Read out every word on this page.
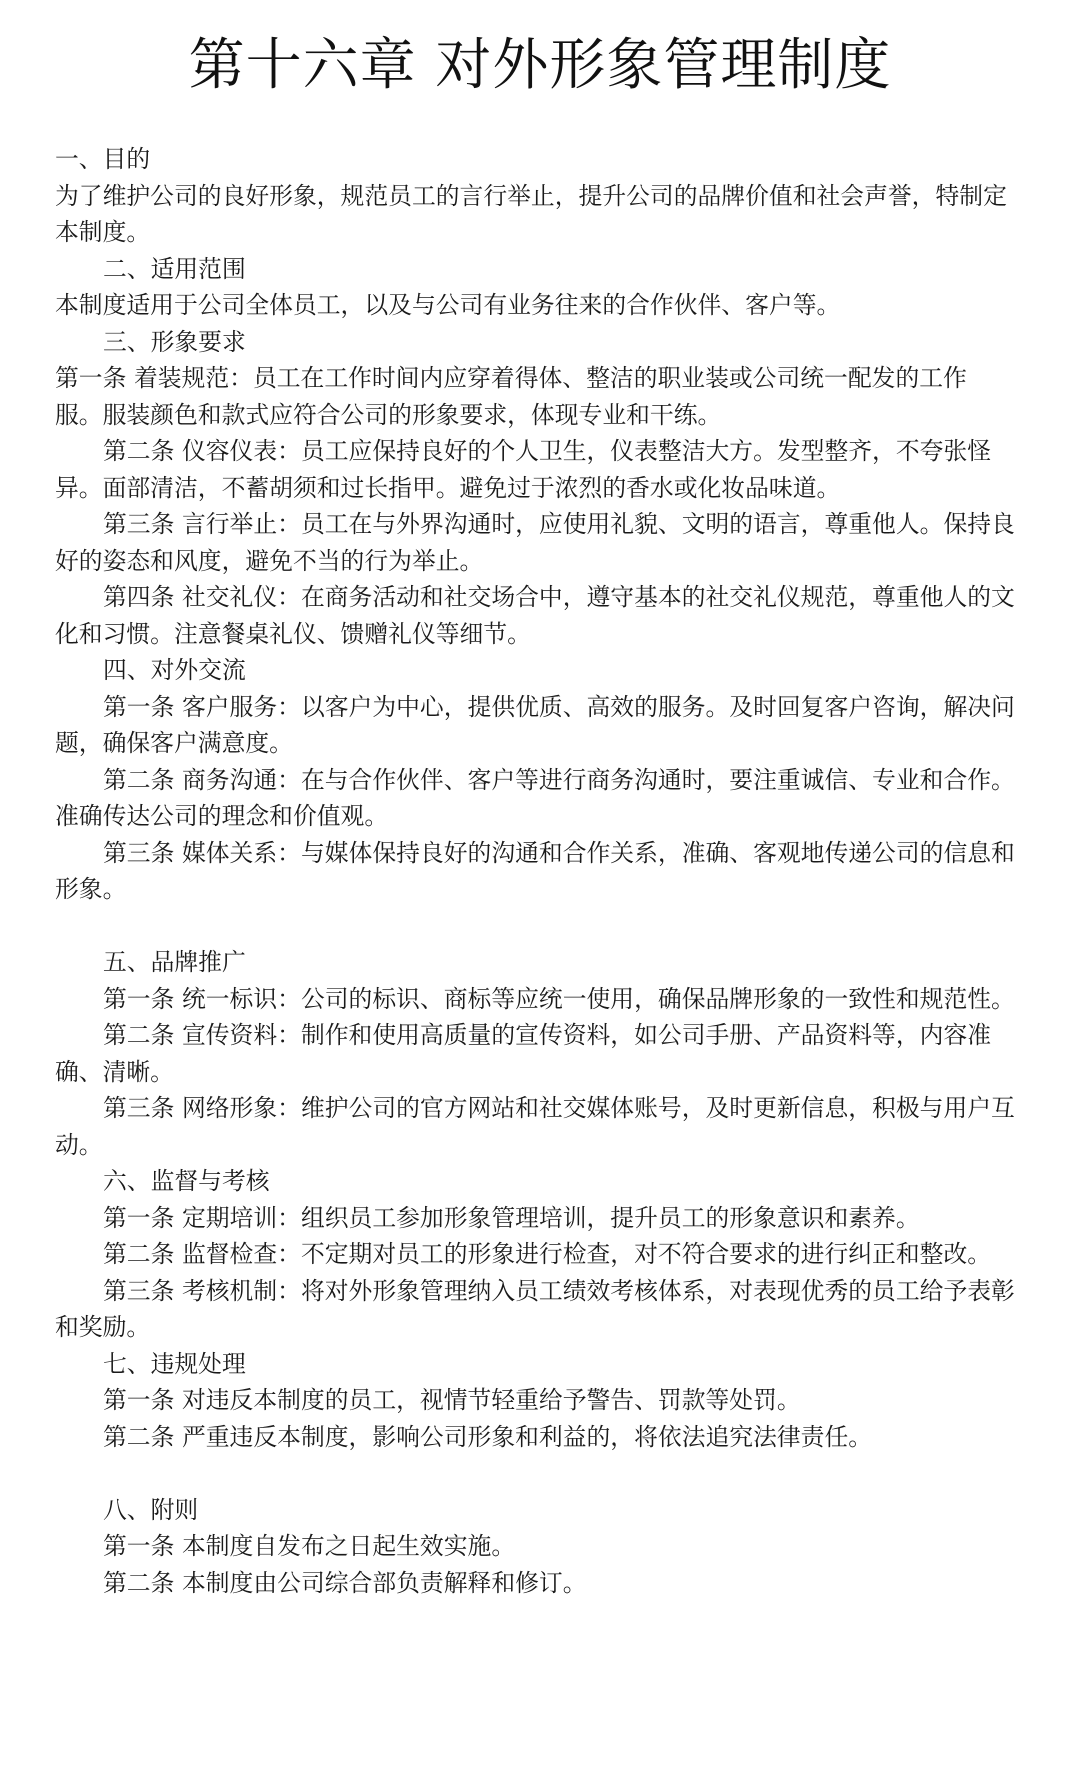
第十六章 对外形象管理制度
一、目的
为了维护公司的良好形象，规范员工的言行举止，提升公司的品牌价值和社会声誉，特制定
本制度。
二、适用范围
本制度适用于公司全体员工，以及与公司有业务往来的合作伙伴、客户等。
三、形象要求
第一条 着装规范：员工在工作时间内应穿着得体、整洁的职业装或公司统一配发的工作
服。服装颜色和款式应符合公司的形象要求，体现专业和干练。
第二条 仪容仪表：员工应保持良好的个人卫生，仪表整洁大方。发型整齐，不夸张怪
异。面部清洁，不蓄胡须和过长指甲。避免过于浓烈的香水或化妆品味道。
第三条 言行举止：员工在与外界沟通时，应使用礼貌、文明的语言，尊重他人。保持良
好的姿态和风度，避免不当的行为举止。
第四条 社交礼仪：在商务活动和社交场合中，遵守基本的社交礼仪规范，尊重他人的文
化和习惯。注意餐桌礼仪、馈赠礼仪等细节。
四、对外交流
第一条 客户服务：以客户为中心，提供优质、高效的服务。及时回复客户咨询，解决问
题，确保客户满意度。
第二条 商务沟通：在与合作伙伴、客户等进行商务沟通时，要注重诚信、专业和合作。
准确传达公司的理念和价值观。
第三条 媒体关系：与媒体保持良好的沟通和合作关系，准确、客观地传递公司的信息和
形象。
五、品牌推广
第一条 统一标识：公司的标识、商标等应统一使用，确保品牌形象的一致性和规范性。
第二条 宣传资料：制作和使用高质量的宣传资料，如公司手册、产品资料等，内容准
确、清晰。
第三条 网络形象：维护公司的官方网站和社交媒体账号，及时更新信息，积极与用户互
动。
六、监督与考核
第一条 定期培训：组织员工参加形象管理培训，提升员工的形象意识和素养。
第二条 监督检查：不定期对员工的形象进行检查，对不符合要求的进行纠正和整改。
第三条 考核机制：将对外形象管理纳入员工绩效考核体系，对表现优秀的员工给予表彰
和奖励。
七、违规处理
第一条 对违反本制度的员工，视情节轻重给予警告、罚款等处罚。
第二条 严重违反本制度，影响公司形象和利益的，将依法追究法律责任。
八、附则
第一条 本制度自发布之日起生效实施。
第二条 本制度由公司综合部负责解释和修订。
